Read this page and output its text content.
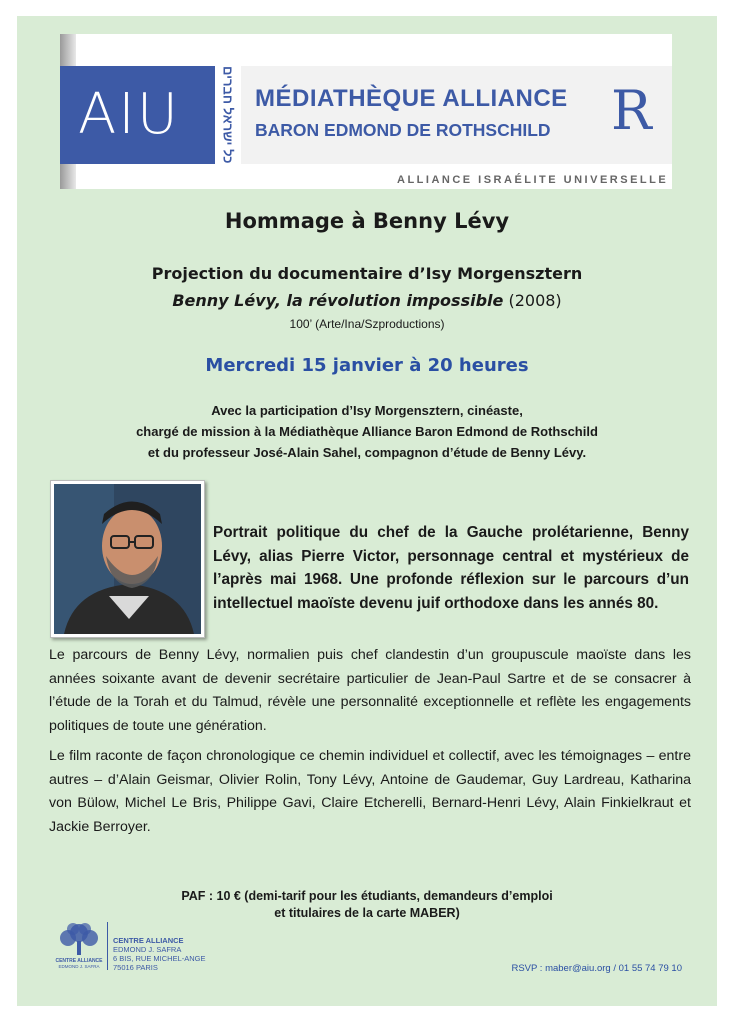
AIU	כל ישראל חברים MÉDIATHÈQUE ALLIANCE
BARON EDMOND DE ROTHSCHILD R
ALLIANCE ISRAÉLITE UNIVERSELLE
Hommage à Benny Lévy
Projection du documentaire d’Isy Morgensztern
Benny Lévy, la révolution impossible (2008)
100’ (Arte/Ina/Szproductions)
Mercredi 15 janvier à 20 heures
Avec la participation d’Isy Morgensztern, cinéaste,
chargé de mission à la Médiathèque Alliance Baron Edmond de Rothschild
et du professeur José-Alain Sahel, compagnon d’étude de Benny Lévy.
Portrait politique du chef de la Gauche prolétarienne, Benny Lévy, alias Pierre Victor, personnage central et mystérieux de l’après mai 1968. Une profonde réflexion sur le parcours d’un intellectuel maoïste devenu juif orthodoxe dans les annés 80.
Le parcours de Benny Lévy, normalien puis chef clandestin d’un groupuscule maoïste dans les années soixante avant de devenir secrétaire particulier de Jean-Paul Sartre et de se consacrer à l’étude de la Torah et du Talmud, révèle une personnalité exceptionnelle et reflète les engagements politiques de toute une génération.
Le film raconte de façon chronologique ce chemin individuel et collectif, avec les témoignages – entre autres – d’Alain Geismar, Olivier Rolin, Tony Lévy, Antoine de Gaudemar, Guy Lardreau, Katharina von Bülow, Michel Le Bris, Philippe Gavi, Claire Etcherelli, Bernard-Henri Lévy, Alain Finkielkraut et Jackie Berroyer.
PAF : 10 € (demi-tarif pour les étudiants, demandeurs d’emploi
et titulaires de la carte MABER)
CENTRE ALLIANCE
EDMOND J. SAFRA
CENTRE ALLIANCE
EDMOND J. SAFRA
6 BIS, RUE MICHEL-ANGE
75016 PARIS	RSVP : maber@aiu.org / 01 55 74 79 10
